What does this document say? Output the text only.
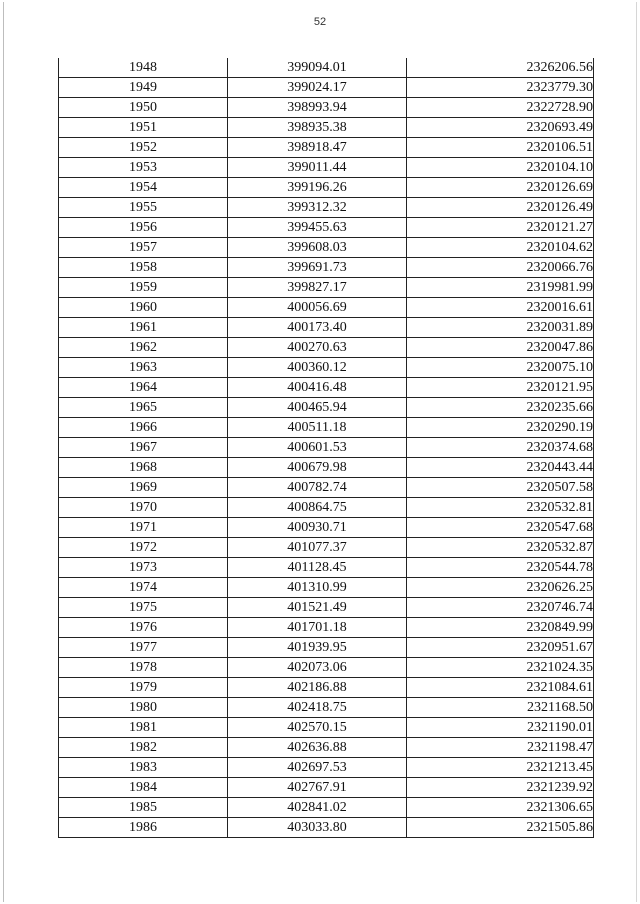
52
1948	399094.01	2326206.56
1949	399024.17	2323779.30
1950	398993.94	2322728.90
1951	398935.38	2320693.49
1952	398918.47	2320106.51
1953	399011.44	2320104.10
1954	399196.26	2320126.69
1955	399312.32	2320126.49
1956	399455.63	2320121.27
1957	399608.03	2320104.62
1958	399691.73	2320066.76
1959	399827.17	2319981.99
1960	400056.69	2320016.61
1961	400173.40	2320031.89
1962	400270.63	2320047.86
1963	400360.12	2320075.10
1964	400416.48	2320121.95
1965	400465.94	2320235.66
1966	400511.18	2320290.19
1967	400601.53	2320374.68
1968	400679.98	2320443.44
1969	400782.74	2320507.58
1970	400864.75	2320532.81
1971	400930.71	2320547.68
1972	401077.37	2320532.87
1973	401128.45	2320544.78
1974	401310.99	2320626.25
1975	401521.49	2320746.74
1976	401701.18	2320849.99
1977	401939.95	2320951.67
1978	402073.06	2321024.35
1979	402186.88	2321084.61
1980	402418.75	2321168.50
1981	402570.15	2321190.01
1982	402636.88	2321198.47
1983	402697.53	2321213.45
1984	402767.91	2321239.92
1985	402841.02	2321306.65
1986	403033.80	2321505.86
